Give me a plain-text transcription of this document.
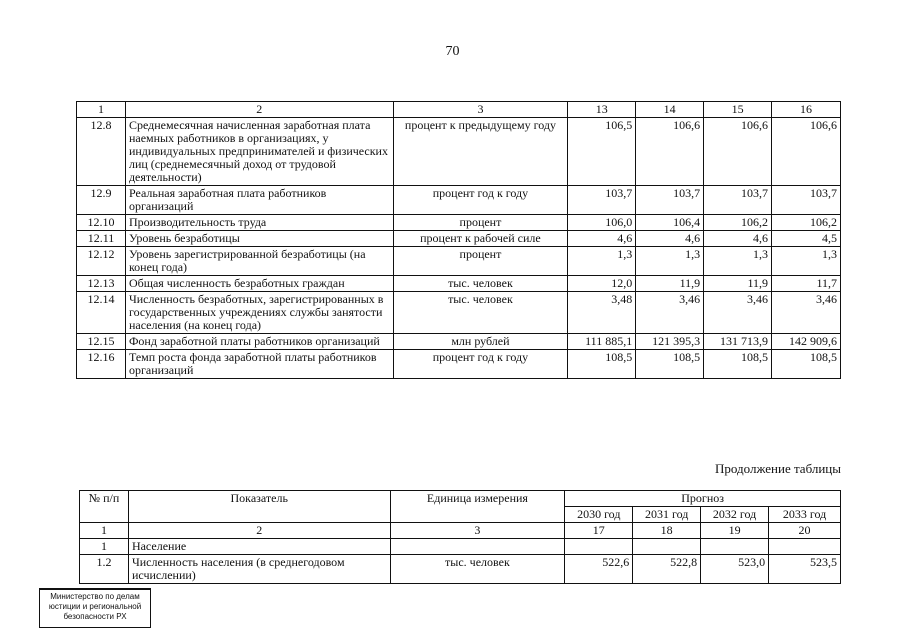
70
1	2	3	13	14	15	16
12.8	Среднемесячная начисленная заработная плата наемных работников в организациях, у индивидуальных предпринимателей и физических лиц (среднемесячный доход от трудовой деятельности)	процент к предыдущему году	106,5	106,6	106,6	106,6
12.9	Реальная заработная плата работников организаций	процент год к году	103,7	103,7	103,7	103,7
12.10	Производительность труда	процент	106,0	106,4	106,2	106,2
12.11	Уровень безработицы	процент к рабочей силе	4,6	4,6	4,6	4,5
12.12	Уровень зарегистрированной безработицы (на конец года)	процент	1,3	1,3	1,3	1,3
12.13	Общая численность безработных граждан	тыс. человек	12,0	11,9	11,9	11,7
12.14	Численность безработных, зарегистрированных в государственных учреждениях службы занятости населения (на конец года)	тыс. человек	3,48	3,46	3,46	3,46
12.15	Фонд заработной платы работников организаций	млн рублей	111 885,1	121 395,3	131 713,9	142 909,6
12.16	Темп роста фонда заработной платы работников организаций	процент год к году	108,5	108,5	108,5	108,5
Продолжение таблицы
№ п/п	Показатель	Единица измерения	Прогноз			
			2030 год	2031 год	2032 год	2033 год
1	2	3	17	18	19	20
1	Население					
1.2	Численность населения (в среднегодовом исчислении)	тыс. человек	522,6	522,8	523,0	523,5
Министерство по делам
юстиции и региональной
безопасности РХ
